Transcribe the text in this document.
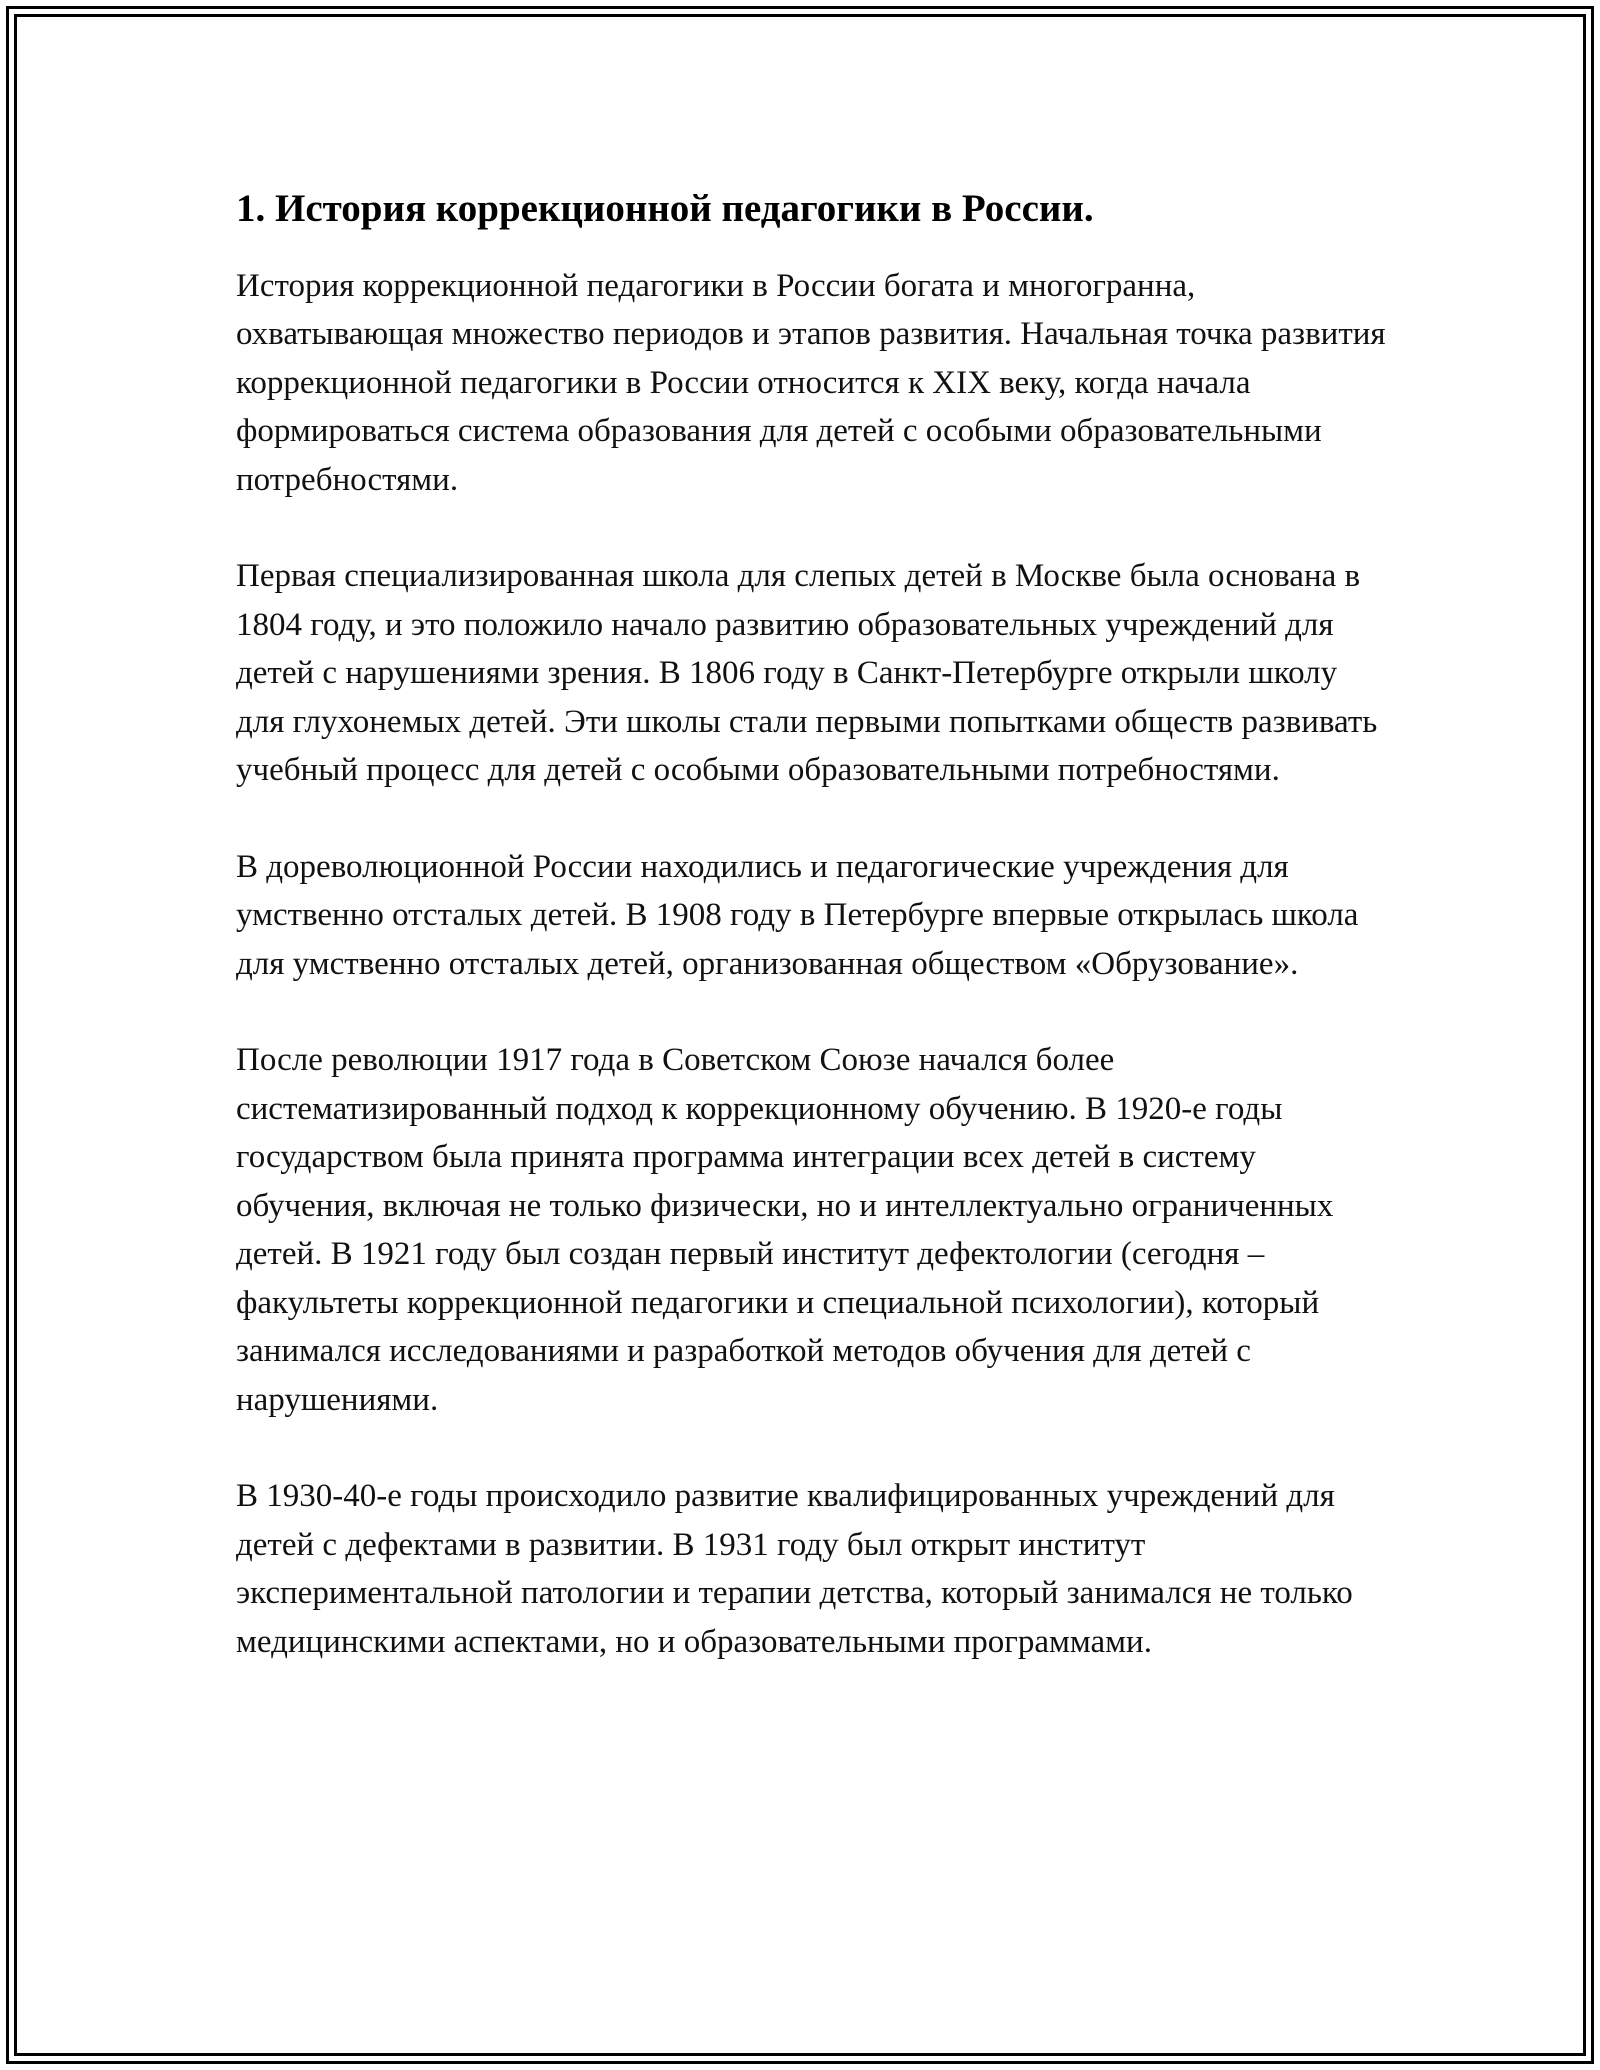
1. История коррекционной педагогики в России.

История коррекционной педагогики в России богата и многогранна, охватывающая множество периодов и этапов развития. Начальная точка развития коррекционной педагогики в России относится к XIX веку, когда начала формироваться система образования для детей с особыми образовательными потребностями.

Первая специализированная школа для слепых детей в Москве была основана в 1804 году, и это положило начало развитию образовательных учреждений для детей с нарушениями зрения. В 1806 году в Санкт-Петербурге открыли школу для глухонемых детей. Эти школы стали первыми попытками обществ развивать учебный процесс для детей с особыми образовательными потребностями.

В дореволюционной России находились и педагогические учреждения для умственно отсталых детей. В 1908 году в Петербурге впервые открылась школа для умственно отсталых детей, организованная обществом «Обрузование».

После революции 1917 года в Советском Союзе начался более систематизированный подход к коррекционному обучению. В 1920-е годы государством была принята программа интеграции всех детей в систему обучения, включая не только физически, но и интеллектуально ограниченных детей. В 1921 году был создан первый институт дефектологии (сегодня – факультеты коррекционной педагогики и специальной психологии), который занимался исследованиями и разработкой методов обучения для детей с нарушениями.

В 1930-40-е годы происходило развитие квалифицированных учреждений для детей с дефектами в развитии. В 1931 году был открыт институт экспериментальной патологии и терапии детства, который занимался не только медицинскими аспектами, но и образовательными программами.
